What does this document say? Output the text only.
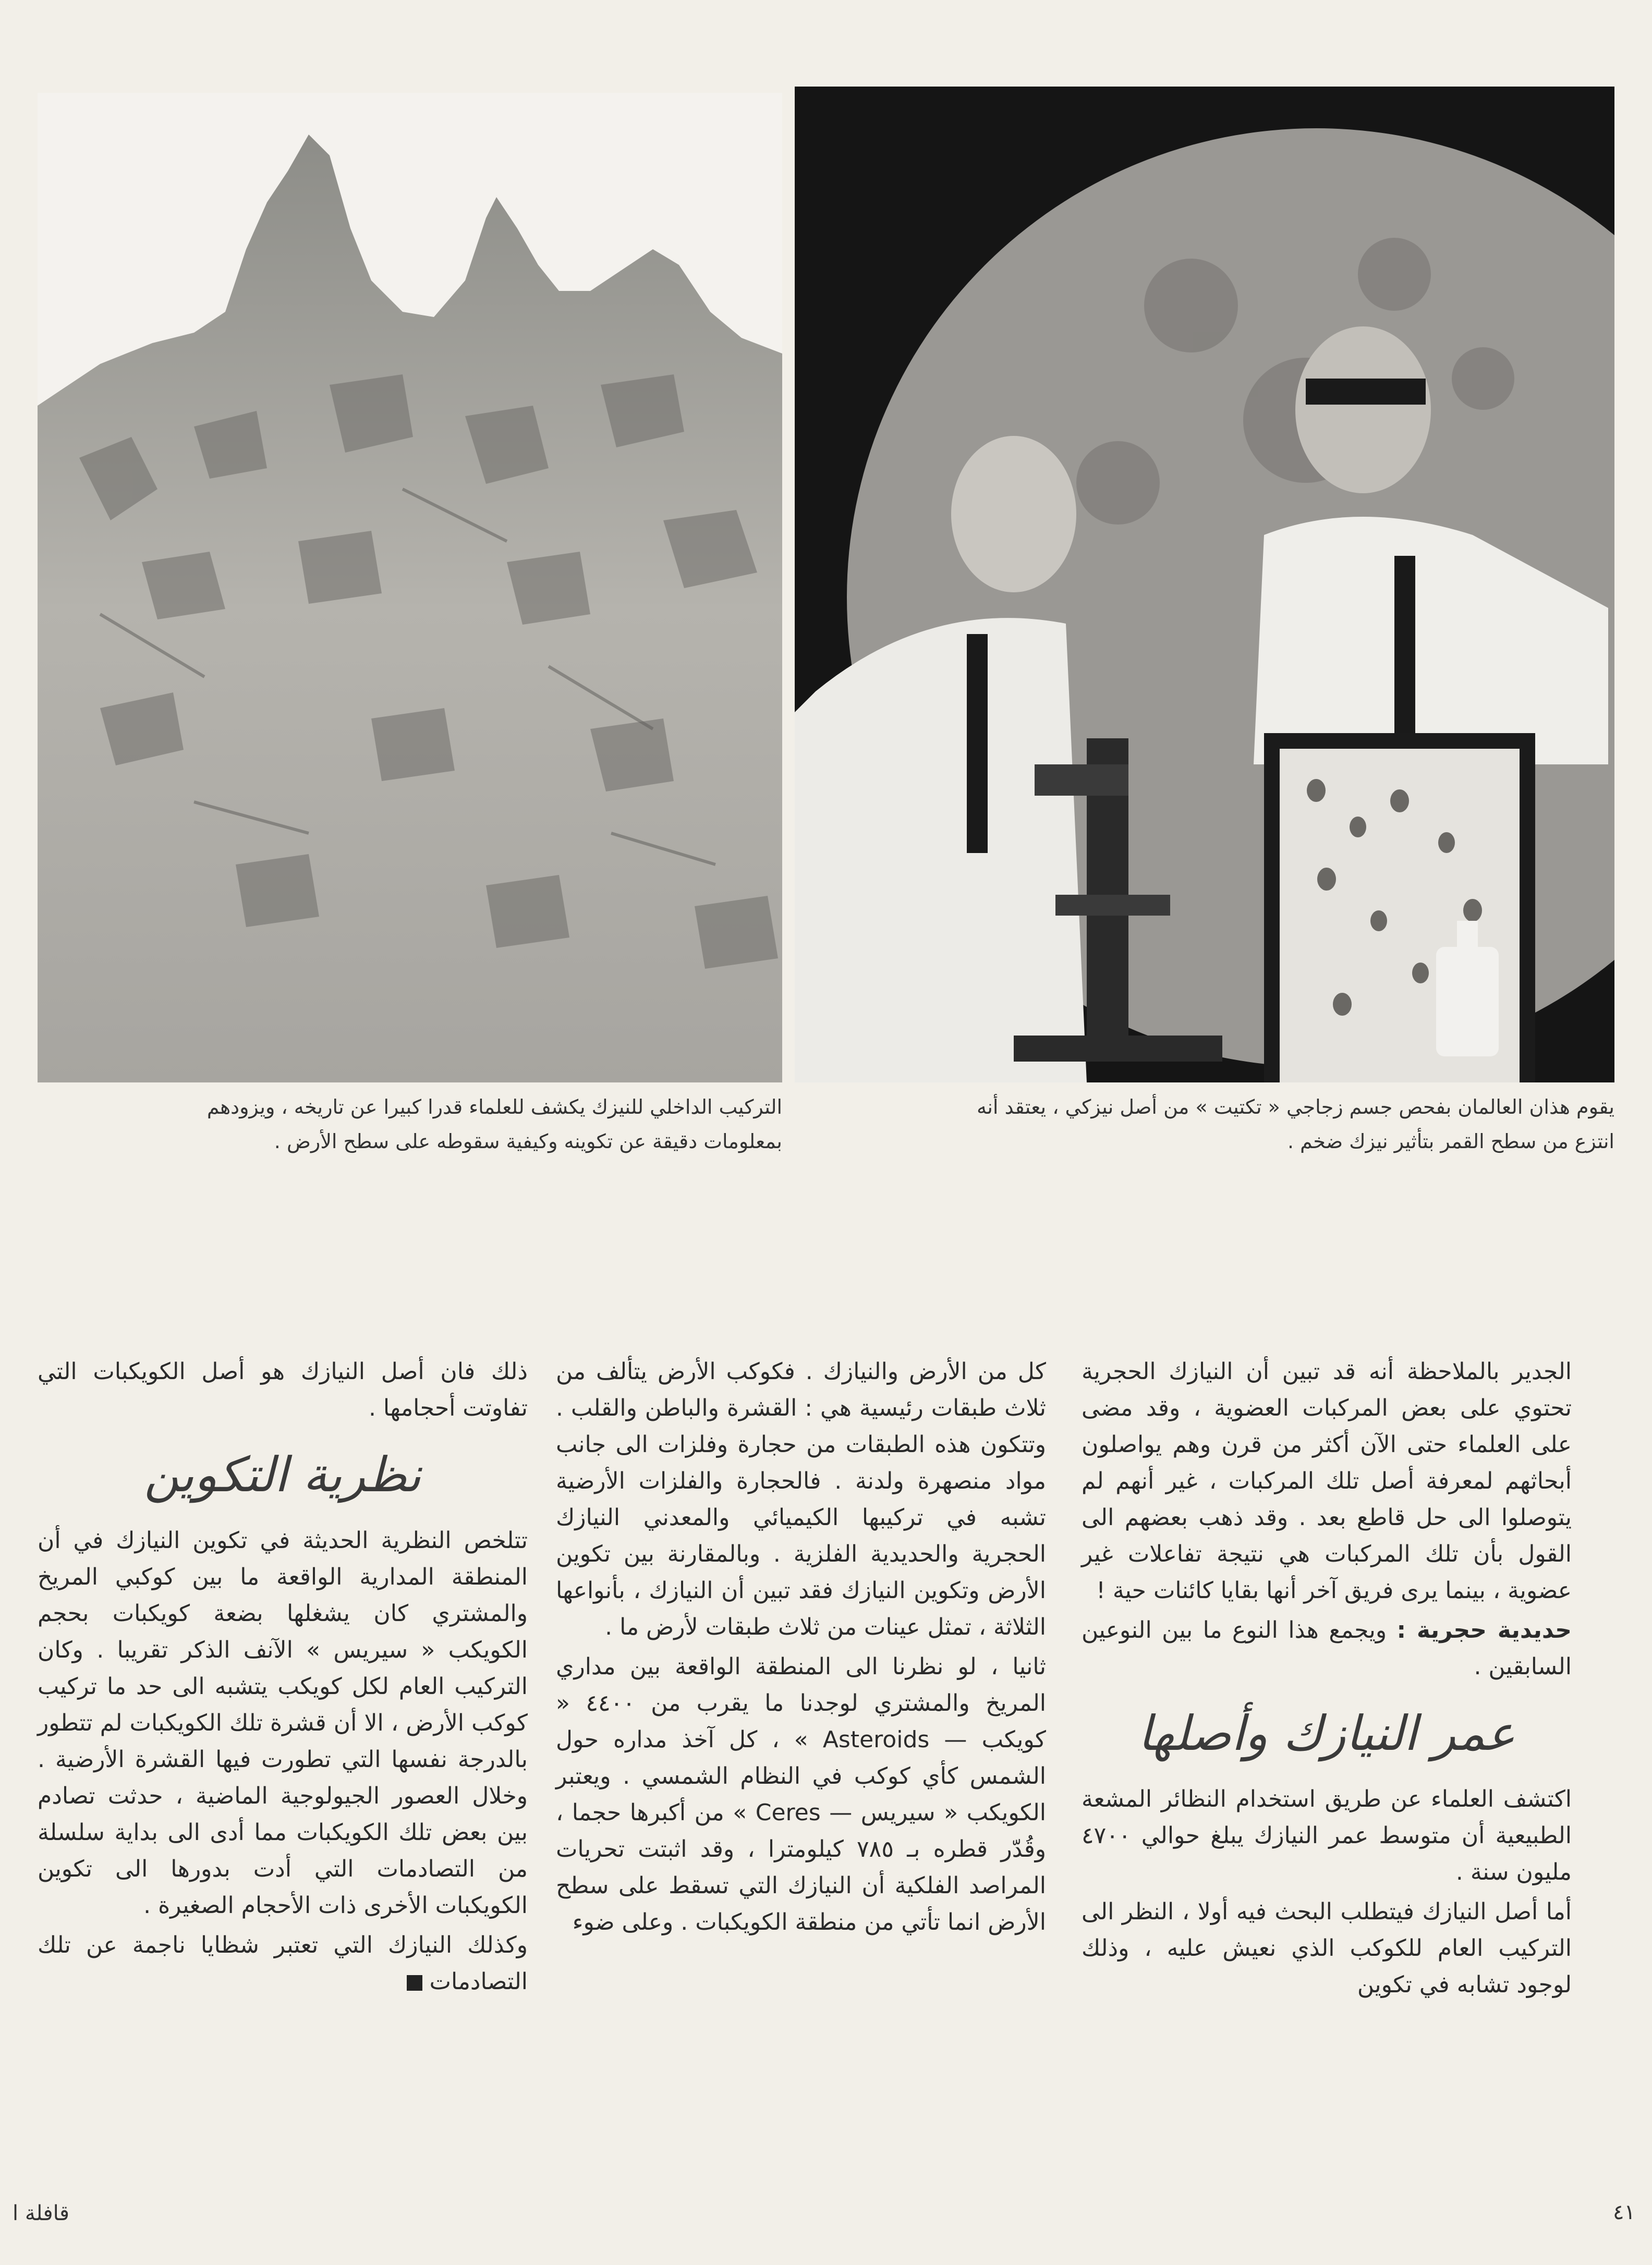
يقوم هذان العالمان بفحص جسم زجاجي « تكتيت » من أصل نيزكي ، يعتقد أنه

انتزع من سطح القمر بتأثير نيزك ضخم .

التركيب الداخلي للنيزك يكشف للعلماء قدرا كبيرا عن تاريخه ، ويزودهم

بمعلومات دقيقة عن تكوينه وكيفية سقوطه على سطح الأرض .

الجدير بالملاحظة أنه قد تبين أن النيازك الحجرية تحتوي على بعض المركبات العضوية ، وقد مضى على العلماء حتى الآن أكثر من قرن وهم يواصلون أبحاثهم لمعرفة أصل تلك المركبات ، غير أنهم لم يتوصلوا الى حل قاطع بعد . وقد ذهب بعضهم الى القول بأن تلك المركبات هي نتيجة تفاعلات غير عضوية ، بينما يرى فريق آخر أنها بقايا كائنات حية !

حديدية حجرية : ويجمع هذا النوع ما بين النوعين السابقين .

عمر النيازك وأصلها

اكتشف العلماء عن طريق استخدام النظائر المشعة الطبيعية أن متوسط عمر النيازك يبلغ حوالي ٤٧٠٠ مليون سنة .

أما أصل النيازك فيتطلب البحث فيه أولا ، النظر الى التركيب العام للكوكب الذي نعيش عليه ، وذلك لوجود تشابه في تكوين

كل من الأرض والنيازك . فكوكب الأرض يتألف من ثلاث طبقات رئيسية هي : القشرة والباطن والقلب . وتتكون هذه الطبقات من حجارة وفلزات الى جانب مواد منصهرة ولدنة . فالحجارة والفلزات الأرضية تشبه في تركيبها الكيميائي والمعدني النيازك الحجرية والحديدية الفلزية . وبالمقارنة بين تكوين الأرض وتكوين النيازك فقد تبين أن النيازك ، بأنواعها الثلاثة ، تمثل عينات من ثلاث طبقات لأرض ما .

ثانيا ، لو نظرنا الى المنطقة الواقعة بين مداري المريخ والمشتري لوجدنا ما يقرب من ٤٤٠٠ « كويكب — Asteroids » ، كل آخذ مداره حول الشمس كأي كوكب في النظام الشمسي . ويعتبر الكويكب « سيريس — Ceres » من أكبرها حجما ، وقُدّر قطره بـ ٧٨٥ كيلومترا ، وقد اثبتت تحريات المراصد الفلكية أن النيازك التي تسقط على سطح الأرض انما تأتي من منطقة الكويكبات . وعلى ضوء

ذلك فان أصل النيازك هو أصل الكويكبات التي تفاوتت أحجامها .

نظرية التكوين

تتلخص النظرية الحديثة في تكوين النيازك في أن المنطقة المدارية الواقعة ما بين كوكبي المريخ والمشتري كان يشغلها بضعة كويكبات بحجم الكويكب « سيريس » الآنف الذكر تقريبا . وكان التركيب العام لكل كويكب يتشبه الى حد ما تركيب كوكب الأرض ، الا أن قشرة تلك الكويكبات لم تتطور بالدرجة نفسها التي تطورت فيها القشرة الأرضية . وخلال العصور الجيولوجية الماضية ، حدثت تصادم بين بعض تلك الكويكبات مما أدى الى بداية سلسلة من التصادمات التي أدت بدورها الى تكوين الكويكبات الأخرى ذات الأحجام الصغيرة .

وكذلك النيازك التي تعتبر شظايا ناجمة عن تلك التصادمات

٤١
قافلة ا
